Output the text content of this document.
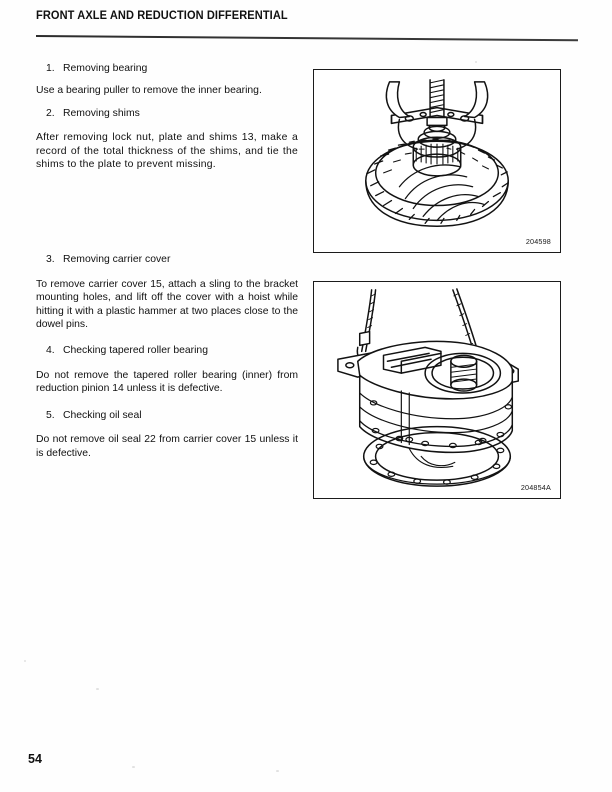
FRONT AXLE AND REDUCTION DIFFERENTIAL
1. Removing bearing

Use a bearing puller to remove the inner bearing.

2. Removing shims

After removing lock nut, plate and shims 13, make a record of the total thickness of the shims, and tie the shims to the plate to prevent missing.

3. Removing carrier cover

To remove carrier cover 15, attach a sling to the bracket mounting holes, and lift off the cover with a hoist while hitting it with a plastic hammer at two places close to the dowel pins.

4. Checking tapered roller bearing

Do not remove the tapered roller bearing (inner) from reduction pinion 14 unless it is defective.

5. Checking oil seal

Do not remove oil seal 22 from carrier cover 15 unless it is defective.

204598
204854A
54
